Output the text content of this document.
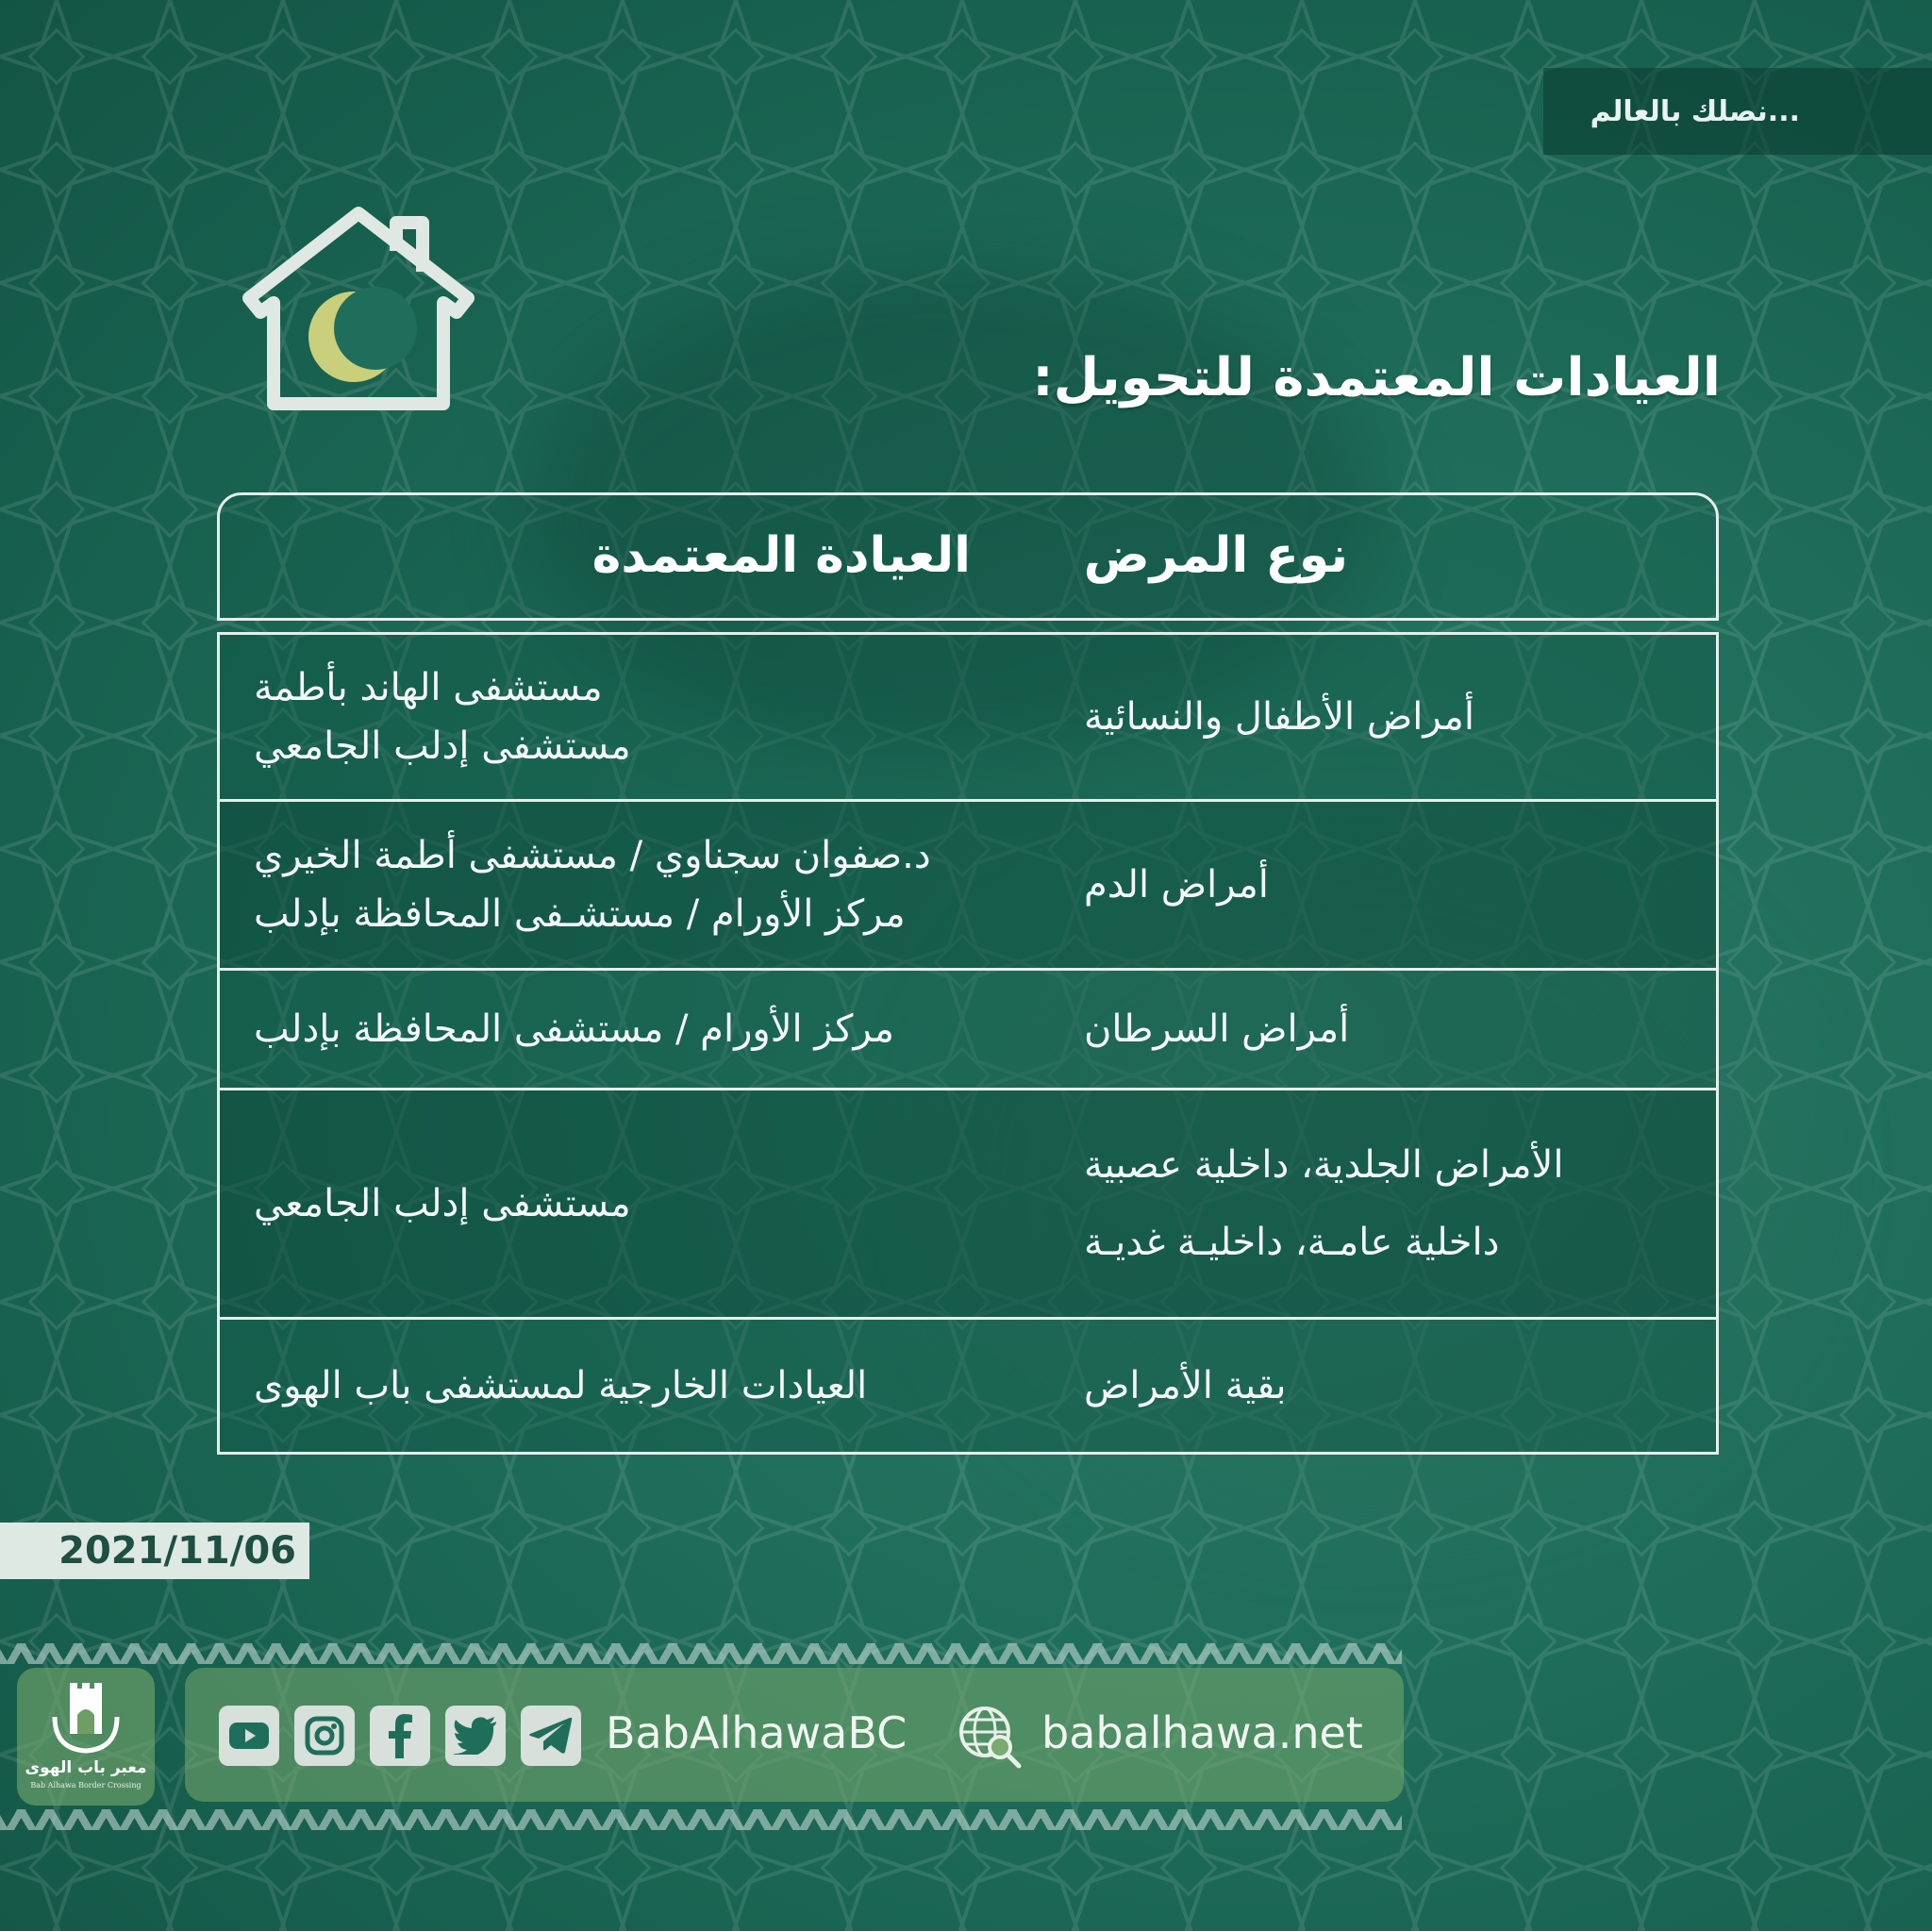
نصلك بالعالم...
العيادات المعتمدة للتحويل:
نوع المرض
العيادة المعتمدة
أمراض الأطفال والنسائية
مستشفى الهاند بأطمة
مستشفى إدلب الجامعي
أمراض الدم
د.صفوان سجناوي / مستشفى أطمة الخيري
مركز الأورام / مستشـفى المحافظة بإدلب
أمراض السرطان
مركز الأورام / مستشفى المحافظة بإدلب
الأمراض الجلدية، داخلية عصبية
داخلية عامـة، داخليـة غديـة
مستشفى إدلب الجامعي
بقية الأمراض
العيادات الخارجية لمستشفى باب الهوى
2021/11/06
معبر باب الهوى
Bab Alhawa Border Crossing
BabAlhawaBC	babalhawa.net
